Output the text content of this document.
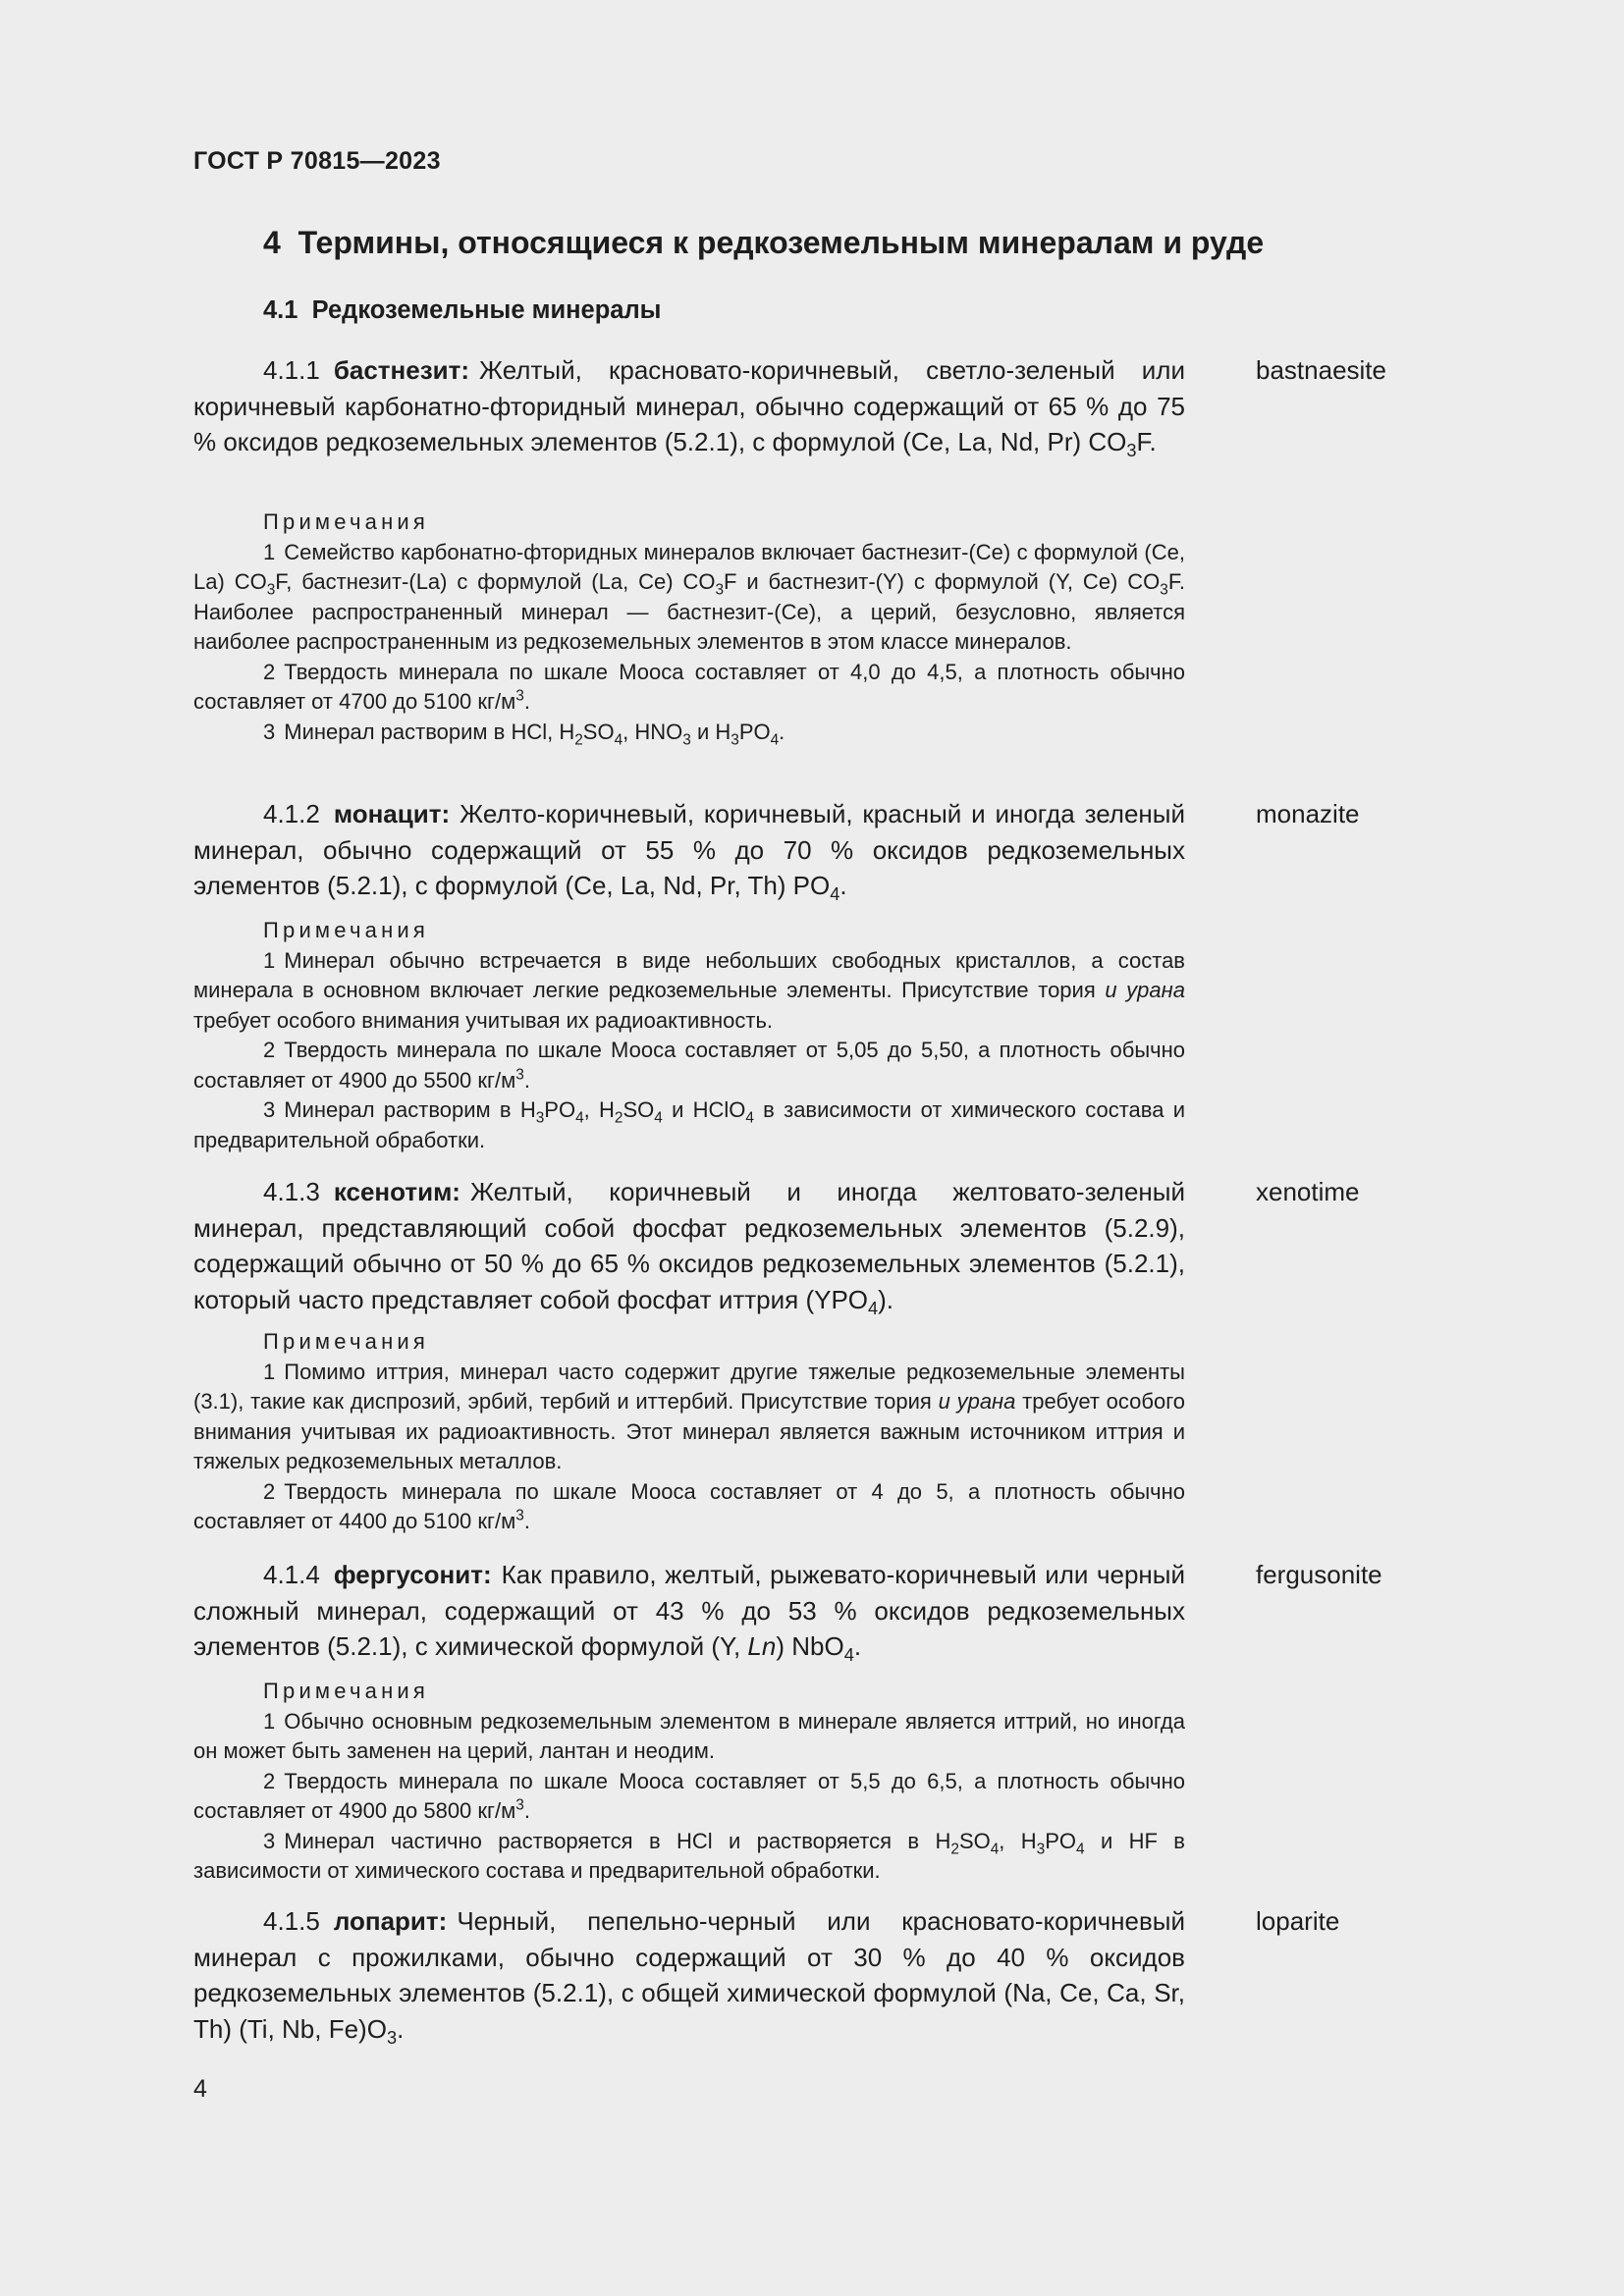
ГОСТ Р 70815—2023
4 Термины, относящиеся к редкоземельным минералам и руде
4.1 Редкоземельные минералы
4.1.1 бастнезит: Желтый, красновато-коричневый, светло-зеленый или коричневый карбонатно-фторидный минерал, обычно содержащий от 65 % до 75 % оксидов редкоземельных элементов (5.2.1), с формулой (Ce, La, Nd, Pr) $CO_3F$.
bastnaesite
Примечания
1 Семейство карбонатно-фторидных минералов включает бастнезит-(Ce) с формулой (Ce, La) $CO_3F$, бастнезит-(La) с формулой (La, Ce) $CO_3F$ и бастнезит-(Y) с формулой (Y, Ce) $CO_3F$. Наиболее распространенный минерал — бастнезит-(Ce), а церий, безусловно, является наиболее распространенным из редкоземельных элементов в этом классе минералов.
2 Твердость минерала по шкале Мооса составляет от 4,0 до 4,5, а плотность обычно составляет от 4700 до 5100 $кг/м^3$.
3 Минерал растворим в HCl, $H_2SO_4$, $HNO_3$ и $H_3PO_4$.
4.1.2 монацит: Желто-коричневый, коричневый, красный и иногда зеленый минерал, обычно содержащий от 55 % до 70 % оксидов редкоземельных элементов (5.2.1), с формулой (Ce, La, Nd, Pr, Th) $PO_4$.
monazite
Примечания
1 Минерал обычно встречается в виде небольших свободных кристаллов, а состав минерала в основном включает легкие редкоземельные элементы. Присутствие тория и урана требует особого внимания учитывая их радиоактивность.
2 Твердость минерала по шкале Мооса составляет от 5,05 до 5,50, а плотность обычно составляет от 4900 до 5500 $кг/м^3$.
3 Минерал растворим в $H_3PO_4$, $H_2SO_4$ и HClO$_4$ в зависимости от химического состава и предварительной обработки.
4.1.3 ксенотим: Желтый, коричневый и иногда желтовато-зеленый минерал, представляющий собой фосфат редкоземельных элементов (5.2.9), содержащий обычно от 50 % до 65 % оксидов редкоземельных элементов (5.2.1), который часто представляет собой фосфат иттрия $(YPO_4)$.
xenotime
Примечания
1 Помимо иттрия, минерал часто содержит другие тяжелые редкоземельные элементы (3.1), такие как диспрозий, эрбий, тербий и иттербий. Присутствие тория и урана требует особого внимания учитывая их радиоактивность. Этот минерал является важным источником иттрия и тяжелых редкоземельных металлов.
2 Твердость минерала по шкале Мооса составляет от 4 до 5, а плотность обычно составляет от 4400 до 5100 $кг/м^3$.
4.1.4 фергусонит: Как правило, желтый, рыжевато-коричневый или черный сложный минерал, содержащий от 43 % до 53 % оксидов редкоземельных элементов (5.2.1), с химической формулой (Y, Ln) NbO$_4$.
fergusonite
Примечания
1 Обычно основным редкоземельным элементом в минерале является иттрий, но иногда он может быть заменен на церий, лантан и неодим.
2 Твердость минерала по шкале Мооса составляет от 5,5 до 6,5, а плотность обычно составляет от 4900 до 5800 $кг/м^3$.
3 Минерал частично растворяется в HCl и растворяется в $H_2SO_4$, $H_3PO_4$ и HF в зависимости от химического состава и предварительной обработки.
4.1.5 лопарит: Черный, пепельно-черный или красновато-коричневый минерал с прожилками, обычно содержащий от 30 % до 40 % оксидов редкоземельных элементов (5.2.1), с общей химической формулой (Na, Ce, Ca, Sr, Th) (Ti, Nb, $Fe)O_3$.
loparite
4
